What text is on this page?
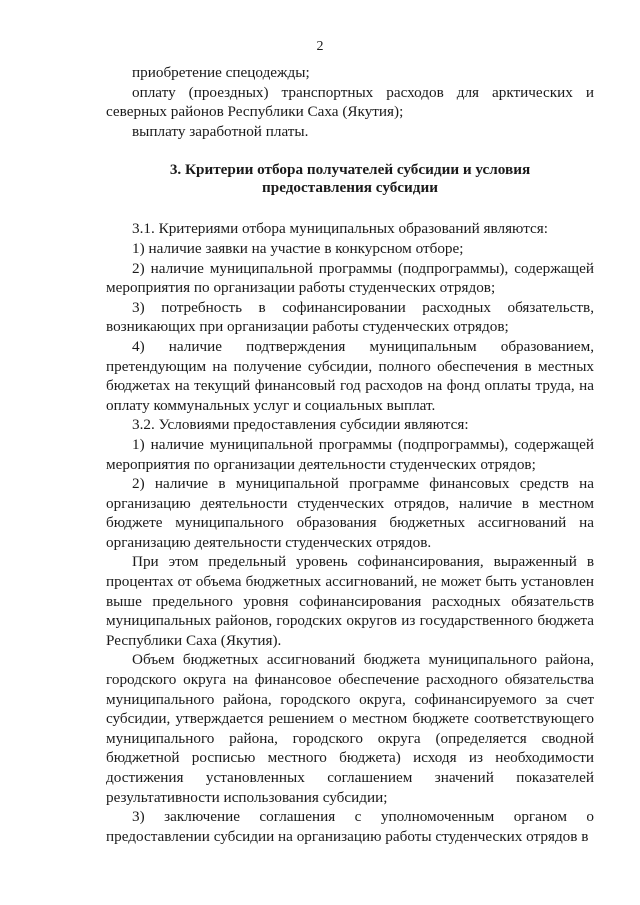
2

приобретение спецодежды;

оплату (проездных) транспортных расходов для арктических и северных районов Республики Саха (Якутия);

выплату заработной платы.

3. Критерии отбора получателей субсидии и условия
предоставления субсидии

3.1. Критериями отбора муниципальных образований являются:

1) наличие заявки на участие в конкурсном отборе;

2) наличие муниципальной программы (подпрограммы), содержащей мероприятия по организации работы студенческих отрядов;

3) потребность в софинансировании расходных обязательств, возникающих при организации работы студенческих отрядов;

4) наличие подтверждения муниципальным образованием, претендующим на получение субсидии, полного обеспечения в местных бюджетах на текущий финансовый год расходов на фонд оплаты труда, на оплату коммунальных услуг и социальных выплат.

3.2. Условиями предоставления субсидии являются:

1) наличие муниципальной программы (подпрограммы), содержащей мероприятия по организации деятельности студенческих отрядов;

2) наличие в муниципальной программе финансовых средств на организацию деятельности студенческих отрядов, наличие в местном бюджете муниципального образования бюджетных ассигнований на организацию деятельности студенческих отрядов.

При этом предельный уровень софинансирования, выраженный в процентах от объема бюджетных ассигнований, не может быть установлен выше предельного уровня софинансирования расходных обязательств муниципальных районов, городских округов из государственного бюджета Республики Саха (Якутия).

Объем бюджетных ассигнований бюджета муниципального района, городского округа на финансовое обеспечение расходного обязательства муниципального района, городского округа, софинансируемого за счет субсидии, утверждается решением о местном бюджете соответствующего муниципального района, городского округа (определяется сводной бюджетной росписью местного бюджета) исходя из необходимости достижения установленных соглашением значений показателей результативности использования субсидии;

3) заключение соглашения с уполномоченным органом о предоставлении субсидии на организацию работы студенческих отрядов в
